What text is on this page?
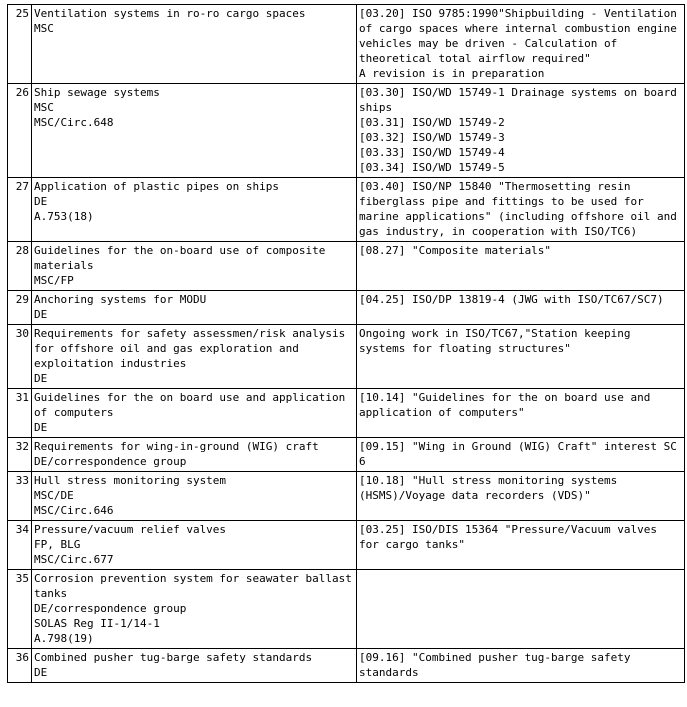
25	Ventilation systems in ro-ro cargo spaces
MSC	[03.20] ISO 9785:1990"Shipbuilding - Ventilation of cargo spaces where internal combustion engine vehicles may be driven - Calculation of theoretical total airflow required"
A revision is in preparation

26	Ship sewage systems
MSC
MSC/Circ.648	[03.30] ISO/WD 15749-1 Drainage systems on board ships
[03.31] ISO/WD 15749-2
[03.32] ISO/WD 15749-3
[03.33] ISO/WD 15749-4
[03.34] ISO/WD 15749-5

27	Application of plastic pipes on ships
DE
A.753(18)	[03.40] ISO/NP 15840 "Thermosetting resin fiberglass pipe and fittings to be used for marine applications" (including offshore oil and gas industry, in cooperation with ISO/TC6)

28	Guidelines for the on-board use of composite materials
MSC/FP	[08.27] "Composite materials"

29	Anchoring systems for MODU
DE	[04.25] ISO/DP 13819-4 (JWG with ISO/TC67/SC7)

30	Requirements for safety assessmen/risk analysis for offshore oil and gas exploration and exploitation industries
DE	Ongoing work in ISO/TC67,"Station keeping systems for floating structures"

31	Guidelines for the on board use and application of computers
DE	[10.14] "Guidelines for the on board use and application of computers"

32	Requirements for wing-in-ground (WIG) craft
DE/correspondence group	[09.15] "Wing in Ground (WIG) Craft" interest SC 6

33	Hull stress monitoring system
MSC/DE
MSC/Circ.646	[10.18] "Hull stress monitoring systems (HSMS)/Voyage data recorders (VDS)"

34	Pressure/vacuum relief valves
FP, BLG
MSC/Circ.677	[03.25] ISO/DIS 15364 "Pressure/Vacuum valves for cargo tanks"

35	Corrosion prevention system for seawater ballast tanks
DE/correspondence group
SOLAS Reg II-1/14-1
A.798(19)	

36	Combined pusher tug-barge safety standards
DE	[09.16] "Combined pusher tug-barge safety standards
